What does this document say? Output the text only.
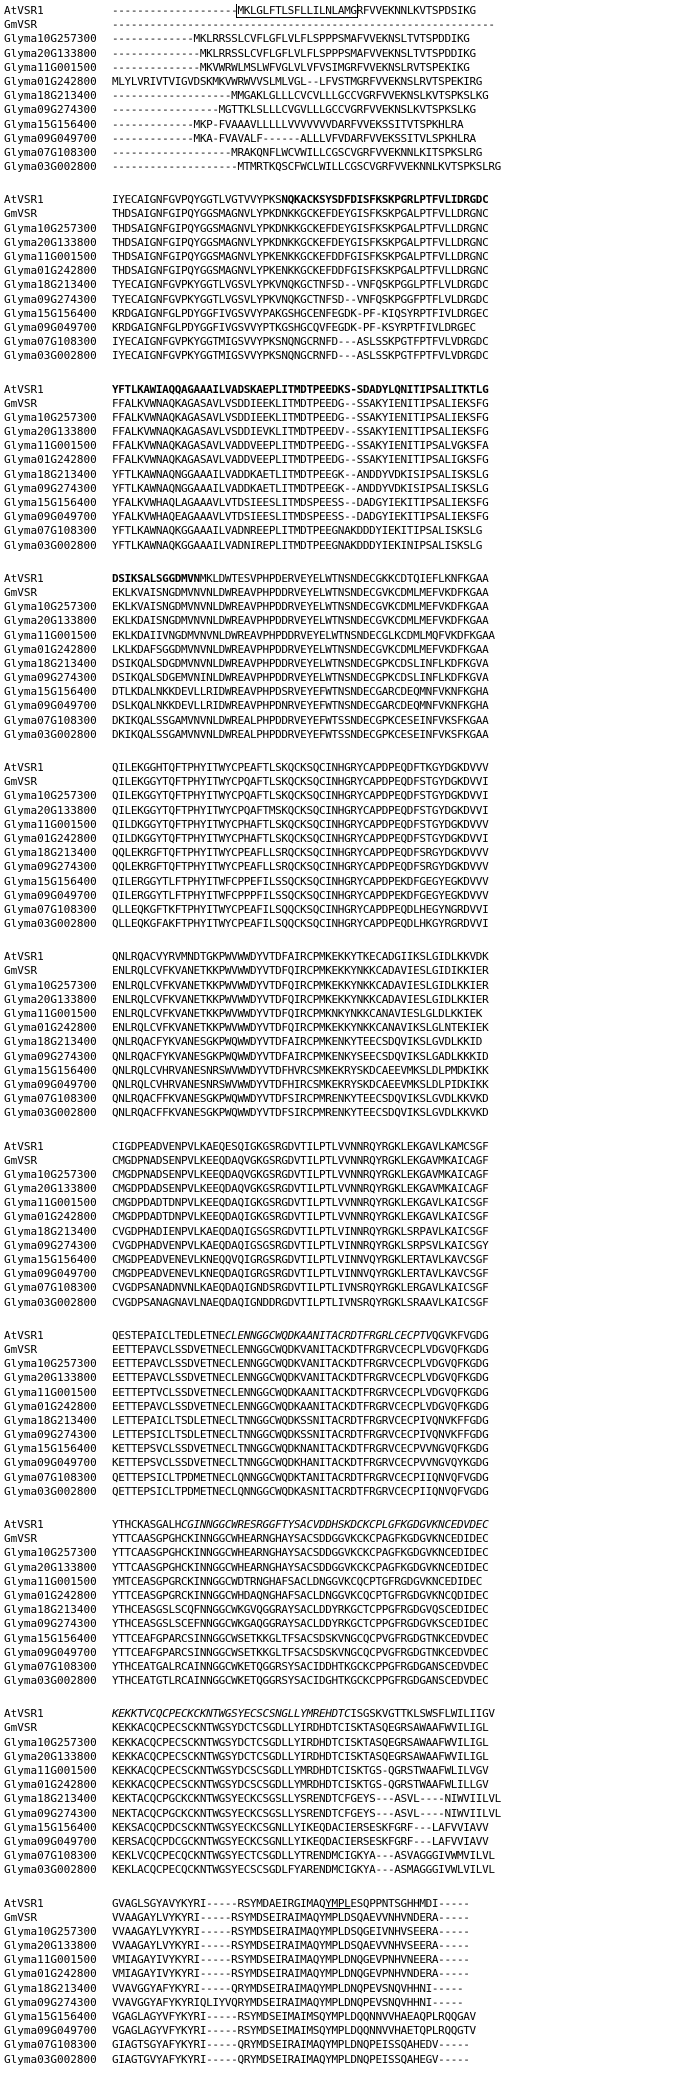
AtVSR1	--------------------MKLGLFTLSFLLILNLAMGRFVVEKNNLKVTSPDSIKG
GmVSR	-------------------------------------------------------------
Glyma10G257300	-------------MKLRRSSLCVFLGFLVLFLSPPPSMAFVVEKNSLTVTSPDDIKG
Glyma20G133800	--------------MKLRRSSLCVFLGFLVLFLSPPPSMAFVVEKNSLTVTSPDDIKG
Glyma11G001500	--------------MKVWRWLMSLWFVGLVLVFVSIMGRFVVEKNSLRVTSPEKIKG
Glyma01G242800	MLYLVRIVTVIGVDSKMKVWRWVVSLMLVGL--LFVSTMGRFVVEKNSLRVTSPEKIRG
Glyma18G213400	-------------------MMGAKLGLLLCVCVLLLGCCVGRFVVEKNSLKVTSPKSLKG
Glyma09G274300	-----------------MGTTKLSLLLCVGVLLLGCCVGRFVVEKNSLKVTSPKSLKG
Glyma15G156400	-------------MKP-FVAAAVLLLLLVVVVVVVDARFVVEKSSITVTSPKHLRA
Glyma09G049700	-------------MKA-FVAVALF------ALLLVFVDARFVVEKSSITVLSPKHLRA
Glyma07G108300	-------------------MRAKQNFLWCVWILLCGSCVGRFVVEKNNLKITSPKSLRG
Glyma03G002800	--------------------MTMRTKQSCFWCLWILLCGSCVGRFVVEKNNLKVTSPKSLRG
AtVSR1	IYECAIGNFGVPQYGGTLVGTVVYPKSNQKACKSYSDFDISFKSKPGRLPTFVLIDRGDC
GmVSR	THDSAIGNFGIPQYGGSMAGNVLYPKDNKKGCKEFDEYGISFKSKPGALPTFVLLDRGNC
Glyma10G257300	THDSAIGNFGIPQYGGSMAGNVLYPKDNKKGCKEFDEYGISFKSKPGALPTFVLLDRGNC
Glyma20G133800	THDSAIGNFGIPQYGGSMAGNVLYPKDNKKGCKEFDEYGISFKSKPGALPTFVLLDRGNC
Glyma11G001500	THDSAIGNFGIPQYGGSMAGNVLYPKENKKGCKEFDDFGISFKSKPGALPTFVLLDRGNC
Glyma01G242800	THDSAIGNFGIPQYGGSMAGNVLYPKENKKGCKEFDDFGISFKSKPGALPTFVLLDRGNC
Glyma18G213400	TYECAIGNFGVPKYGGTLVGSVLYPKVNQKGCTNFSD--VNFQSKPGGLPTFLVLDRGDC
Glyma09G274300	TYECAIGNFGVPKYGGTLVGSVLYPKVNQKGCTNFSD--VNFQSKPGGFPTFLVLDRGDC
Glyma15G156400	KRDGAIGNFGLPDYGGFIVGSVVYPAKGSHGCENFEGDK-PF-KIQSYRPTFIVLDRGEC
Glyma09G049700	KRDGAIGNFGLPDYGGFIVGSVVYPTKGSHGCQVFEGDK-PF-KSYRPTFIVLDRGEC
Glyma07G108300	IYECAIGNFGVPKYGGTMIGSVVYPKSNQNGCRNFD---ASLSSKPGTFPTFVLVDRGDC
Glyma03G002800	IYECAIGNFGVPKYGGTMIGSVVYPKSNQNGCRNFD---ASLSSKPGTFPTFVLVDRGDC
AtVSR1	YFTLKAWIAQQAGAAAILVADSKAEPLITMDTPEEDKS-SDADYLQNITIPSALITKTLG
GmVSR	FFALKVWNAQKAGASAVLVSDDIEEKLITMDTPEEDG--SSAKYIENITIPSALIEKSFG
Glyma10G257300	FFALKVWNAQKAGASAVLVSDDIEEKLITMDTPEEDG--SSAKYIENITIPSALIEKSFG
Glyma20G133800	FFALKVWNAQKAGASAVLVSDDIEVKLITMDTPEEDV--SSAKYIENITIPSALIEKSFG
Glyma11G001500	FFALKVWNAQKAGASAVLVADDVEEPLITMDTPEEDG--SSAKYIENITIPSALVGKSFA
Glyma01G242800	FFALKVWNAQKAGASAVLVADDVEEPLITMDTPEEDG--SSAKYIENITIPSALIGKSFG
Glyma18G213400	YFTLKAWNAQNGGAAAILVADDKAETLITMDTPEEGK--ANDDYVDKISIPSALISKSLG
Glyma09G274300	YFTLKAWNAQNGGAAAILVADDKAETLITMDTPEEGK--ANDDYVDKISIPSALISKSLG
Glyma15G156400	YFALKVWHAQLAGAAAVLVTDSIEESLITMDSPEESS--DADGYIEKITIPSALIEKSFG
Glyma09G049700	YFALKVWHAQEAGAAAVLVTDSIEESLITMDSPEESS--DADGYIEKITIPSALIEKSFG
Glyma07G108300	YFTLKAWNAQKGGAAAILVADNREEPLITMDTPEEGNAKDDDYIEKITIPSALISKSLG
Glyma03G002800	YFTLKAWNAQKGGAAAILVADNIREPLITMDTPEEGNAKDDDYIEKINIPSALISKSLG
AtVSR1	DSIKSALSGGDMVNMKLDWTESVPHPDERVEYELWTNSNDECGKKCDTQIEFLKNFKGAA
GmVSR	EKLKVAISNGDMVNVNLDWREAVPHPDDRVEYELWTNSNDECGVKCDMLMEFVKDFKGAA
Glyma10G257300	EKLKVAISNGDMVNVNLDWREAVPHPDDRVEYELWTNSNDECGVKCDMLMEFVKDFKGAA
Glyma20G133800	EKLKDAISNGDMVNVNLDWREAVPHPDDRVEYELWTNSNDECGVKCDMLMEFVKDFKGAA
Glyma11G001500	EKLKDAIIVNGDMVNVNLDWREAVPHPDDRVEYELWTNSNDECGLKCDMLMQFVKDFKGAA
Glyma01G242800	LKLKDAFSGGDMVNVNLDWREAVPHPDDRVEYELWTNSNDECGVKCDMLMEFVKDFKGAA
Glyma18G213400	DSIKQALSDGDMVNVNLDWREAVPHPDDRVEYELWTNSNDECGPKCDSLINFLKDFKGVA
Glyma09G274300	DSIKQALSDGEMVNINLDWREAVPHPDDRVEYELWTNSNDECGPKCDSLINFLKDFKGVA
Glyma15G156400	DTLKDALNKKDEVLLRIDWREAVPHPDSRVEYEFWTNSNDECGARCDEQMNFVKNFKGHA
Glyma09G049700	DSLKQALNKKDEVLLRIDWREAVPHPDNRVEYEFWTNSNDECGARCDEQMNFVKNFKGHA
Glyma07G108300	DKIKQALSSGAMVNVNLDWREALPHPDDRVEYEFWTSSNDECGPKCESEINFVKSFKGAA
Glyma03G002800	DKIKQALSSGAMVNVNLDWREALPHPDDRVEYEFWTSSNDECGPKCESEINFVKSFKGAA
AtVSR1	QILEKGGHTQFTPHYITWYCPEAFTLSKQCKSQCINHGRYCAPDPEQDFTKGYDGKDVVV
GmVSR	QILEKGGYTQFTPHYITWYCPQAFTLSKQCKSQCINHGRYCAPDPEQDFSTGYDGKDVVI
Glyma10G257300	QILEKGGYTQFTPHYITWYCPQAFTLSKQCKSQCINHGRYCAPDPEQDFSTGYDGKDVVI
Glyma20G133800	QILEKGGYTQFTPHYITWYCPQAFTMSKQCKSQCINHGRYCAPDPEQDFSTGYDGKDVVI
Glyma11G001500	QILDKGGYTQFTPHYITWYCPHAFTLSKQCKSQCINHGRYCAPDPEQDFSTGYDGKDVVV
Glyma01G242800	QILDKGGYTQFTPHYITWYCPHAFTLSKQCKSQCINHGRYCAPDPEQDFSTGYDGKDVVI
Glyma18G213400	QQLEKRGFTQFTPHYITWYCPEAFLLSRQCKSQCINHGRYCAPDPEQDFSRGYDGKDVVV
Glyma09G274300	QQLEKRGFTQFTPHYITWYCPEAFLLSRQCKSQCINHGRYCAPDPEQDFSRGYDGKDVVV
Glyma15G156400	QILERGGYTLFTPHYITWFCPPEFILSSQCKSQCINHGRYCAPDPEKDFGEGYEGKDVVV
Glyma09G049700	QILERGGYTLFTPHYITWFCPPPFILSSQCKSQCINHGRYCAPDPEKDFGEGYEGKDVVV
Glyma07G108300	QLLEQKGFTKFTPHYITWYCPEAFILSQQCKSQCINHGRYCAPDPEQDLHEGYNGRDVVI
Glyma03G002800	QLLEQKGFAKFTPHYITWYCPEAFILSQQCKSQCINHGRYCAPDPEQDLHKGYRGRDVVI
AtVSR1	QNLRQACVYRVMNDTGKPWVWWDYVTDFAIRCPMKEKKYTKECADGIIKSLGIDLKKVDK
GmVSR	ENLRQLCVFKVANETKKPWVWWDYVTDFQIRCPMKEKKYNKKCADAVIESLGIDIKKIER
Glyma10G257300	ENLRQLCVFKVANETKKPWVWWDYVTDFQIRCPMKEKKYNKKCADAVIESLGIDLKKIER
Glyma20G133800	ENLRQLCVFKVANETKKPWVWWDYVTDFQIRCPMKEKKYNKKCADAVIESLGIDLKKIER
Glyma11G001500	ENLRQLCVFKVANETKKPWVWWDYVTDFQIRCPMKNKYNKKCANAVIESLGLDLKKIEK
Glyma01G242800	ENLRQLCVFKVANETKKPWVWWDYVTDFQIRCPMKEKKYNKKCANAVIKSLGLNTEKIEK
Glyma18G213400	QNLRQACFYKVANESGKPWQWWDYVTDFAIRCPMKENKYTEECSDQVIKSLGVDLKKID
Glyma09G274300	QNLRQACFYKVANESGKPWQWWDYVTDFAIRCPMKENKYSEECSDQVIKSLGADLKKKID
Glyma15G156400	QNLRQLCVHRVANESNRSWVWWDYVTDFHVRCSMKEKRYSKDCAEEVMKSLDLPMDKIKK
Glyma09G049700	QNLRQLCVHRVANESNRSWVWWDYVTDFHIRCSMKEKRYSKDCAEEVMKSLDLPIDKIKK
Glyma07G108300	QNLRQACFFKVANESGKPWQWWDYVTDFSIRCPMRENKYTEECSDQVIKSLGVDLKKVKD
Glyma03G002800	QNLRQACFFKVANESGKPWQWWDYVTDFSIRCPMRENKYTEECSDQVIKSLGVDLKKVKD
AtVSR1	CIGDPEADVENPVLKAEQESQIGKGSRGDVTILPTLVVNNRQYRGKLEKGAVLKAMCSGF
GmVSR	CMGDPNADSENPVLKEEQDAQVGKGSRGDVTILPTLVVNNRQYRGKLEKGAVMKAICAGF
Glyma10G257300	CMGDPNADSENPVLKEEQDAQVGKGSRGDVTILPTLVVNNRQYRGKLEKGAVMKAICAGF
Glyma20G133800	CMGDPDADSENPVLKEEQDAQVGKGSRGDVTILPTLVVNNRQYRGKLEKGAVMKAICAGF
Glyma11G001500	CMGDPDADTDNPVLKEEQDAQIGKGSRGDVTILPTLVVNNRQYRGKLEKGAVLKAICSGF
Glyma01G242800	CMGDPDADTDNPVLKEEQDAQIGKGSRGDVTILPTLVVNNRQYRGKLEKGAVLKAICSGF
Glyma18G213400	CVGDPHADIENPVLKAEQDAQIGSGSRGDVTILPTLVINNRQYRGKLSRPAVLKAICSGF
Glyma09G274300	CVGDPHADVENPVLKAEQDAQIGSGSRGDVTILPTLVINNRQYRGKLSRPSVLKAICSGY
Glyma15G156400	CMGDPEADVENEVLKNEQQVQIGRGSRGDVTILPTLVINNVQYRGKLERTAVLKAVCSGF
Glyma09G049700	CMGDPEADVENEVLKNEQDAQIGRGSRGDVTILPTLVINNVQYRGKLERTAVLKAVCSGF
Glyma07G108300	CVGDPSANADNVNLKAEQDAQIGNDSRGDVTILPTLIVNSRQYRGKLERGAVLKAICSGF
Glyma03G002800	CVGDPSANAGNAVLNAEQDAQIGNDDRGDVTILPTLIVNSRQYRGKLSRAAVLKAICSGF
AtVSR1	QESTEPAICLTEDLETNECLENNGGCWQDKAANITACRDTFRGRLCECPTVQGVKFVGDG
GmVSR	EETTEPAVCLSSDVETNECLENNGGCWQDKVANITACKDTFRGRVCECPLVDGVQFKGDG
Glyma10G257300	EETTEPAVCLSSDVETNECLENNGGCWQDKVANITACKDTFRGRVCECPLVDGVQFKGDG
Glyma20G133800	EETTEPAVCLSSDVETNECLENNGGCWQDKVANITACKDTFRGRVCECPLVDGVQFKGDG
Glyma11G001500	EETTEPTVCLSSDVETNECLENNGGCWQDKAANITACKDTFRGRVCECPLVDGVQFKGDG
Glyma01G242800	EETTEPAVCLSSDVETNECLENNGGCWQDKAANITACKDTFRGRVCECPLVDGVQFKGDG
Glyma18G213400	LETTEPAICLTSDLETNECLTNNGGCWQDKSSNITACRDTFRGRVCECPIVQNVKFFGDG
Glyma09G274300	LETTEPSICLTSDLETNECLTNNGGCWQDKSSNITACRDTFRGRVCECPIVQNVKFFGDG
Glyma15G156400	KETTEPSVCLSSDVETNECLTNNGGCWQDKNANITACKDTFRGRVCECPVVNGVQFKGDG
Glyma09G049700	KETTEPSVCLSSDVETNECLTNNGGCWQDKHANITACKDTFRGRVCECPVVNGVQYKGDG
Glyma07G108300	QETTEPSICLTPDMETNECLQNNGGCWQDKTANITACRDTFRGRVCECPIIQNVQFVGDG
Glyma03G002800	QETTEPSICLTPDMETNECLQNNGGCWQDKASNITACRDTFRGRVCECPIIQNVQFVGDG
AtVSR1	YTHCKASGALHCGINNGGCWRESRGGFTYSACVDDHSKDCKCPLGFKGDGVKNCEDVDEC
GmVSR	YTTCAASGPGHCKINNGGCWHEARNGHAYSACSDDGGVKCKCPAGFKGDGVKNCEDIDEC
Glyma10G257300	YTTCAASGPGHCKINNGGCWHEARNGHAYSACSDDGGVKCKCPAGFKGDGVKNCEDIDEC
Glyma20G133800	YTTCAASGPGHCKINNGGCWHEARNGHAYSACSDDGGVKCKCPAGFKGDGVKNCEDIDEC
Glyma11G001500	YMTCEASGPGRCKINNGGCWDTRNGHAFSACLDNGGVKCQCPTGFRGDGVKNCEDIDEC
Glyma01G242800	YTTCEASGPGRCKINNGGCWHDAQNGHAFSACLDNGGVKCQCPTGFRGDGVKNCQDIDEC
Glyma18G213400	YTHCEASGSLSCQFNNGGCWKGVQGGRAYSACLDDYRKGCTCPPGFRGDGVQSCEDIDEC
Glyma09G274300	YTHCEASGSLSCEFNNGGCWKGAQGGRAYSACLDDYRKGCTCPPGFRGDGVKSCEDIDEC
Glyma15G156400	YTTCEAFGPARCSINNGGCWSETKKGLTFSACSDSKVNGCQCPVGFRGDGTNKCEDVDEC
Glyma09G049700	YTTCEAFGPARCSINNGGCWSETKKGLTFSACSDSKVNGCQCPVGFRGDGTNKCEDVDEC
Glyma07G108300	YTHCEATGALRCAINNGGCWKETQGGRSYSACIDDHTKGCKCPPGFRGDGANSCEDVDEC
Glyma03G002800	YTHCEATGTLRCAINNGGCWKETQGGRSYSACIDGHTKGCKCPPGFRGDGANSCEDVDEC
AtVSR1	KEKKTVCQCPECKCKNTWGSYECSCSNGLLYMREHDTCISGSKVGTTKLSWSFLWILIIGV
GmVSR	KEKKACQCPECSCKNTWGSYDCTCSGDLLYIRDHDTCISKTASQEGRSAWAAFWVILIGL
Glyma10G257300	KEKKACQCPECSCKNTWGSYDCTCSGDLLYIRDHDTCISKTASQEGRSAWAAFWVILIGL
Glyma20G133800	KEKKACQCPECSCKNTWGSYDCTCSGDLLYIRDHDTCISKTASQEGRSAWAAFWVILIGL
Glyma11G001500	KEKKACQCPECSCKNTWGSYDCSCSGDLLYMRDHDTCISKTGS-QGRSTWAAFWLILVGV
Glyma01G242800	KEKKACQCPECSCKNTWGSYDCSCSGDLLYMRDHDTCISKTGS-QGRSTWAAFWLILLGV
Glyma18G213400	KEKTACQCPGCKCKNTWGSYECKCSGSLLYSRENDTCFGEYS---ASVL----NIWVIILVL
Glyma09G274300	NEKTACQCPGCKCKNTWGSYECKCSGSLLYSRENDTCFGEYS---ASVL----NIWVIILVL
Glyma15G156400	KEKSACQCPDCSCKNTWGSYECKCSGNLLYIKEQDACIERSESKFGRF---LAFVVIAVV
Glyma09G049700	KERSACQCPDCGCKNTWGSYECKCSGNLLYIKEQDACIERSESKFGRF---LAFVVIAVV
Glyma07G108300	KEKLVCQCPECQCKNTWGSYECTCSGDLLYTRENDMCIGKYA---ASVAGGGIVWMVILVL
Glyma03G002800	KEKLACQCPECQCKNTWGSYECSCSGDLFYARENDMCIGKYA---ASMAGGGIVWLVILVL
AtVSR1	GVAGLSGYAVYKYRI-----RSYMDAEIRGIMAQYMPLESQPPNTSGHHMDI-----
GmVSR	VVAAGAYLVYKYRI-----RSYMDSEIRAIMAQYMPLDSQAEVVNHVNDERA-----
Glyma10G257300	VVAAGAYLVYKYRI-----RSYMDSEIRAIMAQYMPLDSQGEIVNHVSEERA-----
Glyma20G133800	VVAAGAYLVYKYRI-----RSYMDSEIRAIMAQYMPLDSQAEVVNHVSEERA-----
Glyma11G001500	VMIAGAYIVYKYRI-----RSYMDSEIRAIMAQYMPLDNQGEVPNHVNEERA-----
Glyma01G242800	VMIAGAYIVYKYRI-----RSYMDSEIRAIMAQYMPLDNQGEVPNHVNDERA-----
Glyma18G213400	VVAVGGYAFYKYRI-----QRYMDSEIRAIMAQYMPLDNQPEVSNQVHHNI-----
Glyma09G274300	VVAVGGYAFYKYRIQLIYVQRYMDSEIRAIMAQYMPLDNQPEVSNQVHHNI-----
Glyma15G156400	VGAGLAGYVFYKYRI-----RSYMDSEIMAIMSQYMPLDQQNNVVHAEAQPLRQQGAV
Glyma09G049700	VGAGLAGYVFYKYRI-----RSYMDSEIMAIMSQYMPLDQQNNVVHAETQPLRQQGTV
Glyma07G108300	GIAGTSGYAFYKYRI-----QRYMDSEIRAIMAQYMPLDNQPEISSQAHEDV-----
Glyma03G002800	GIAGTGVYAFYKYRI-----QRYMDSEIRAIMAQYMPLDNQPEISSQAHEGV-----
